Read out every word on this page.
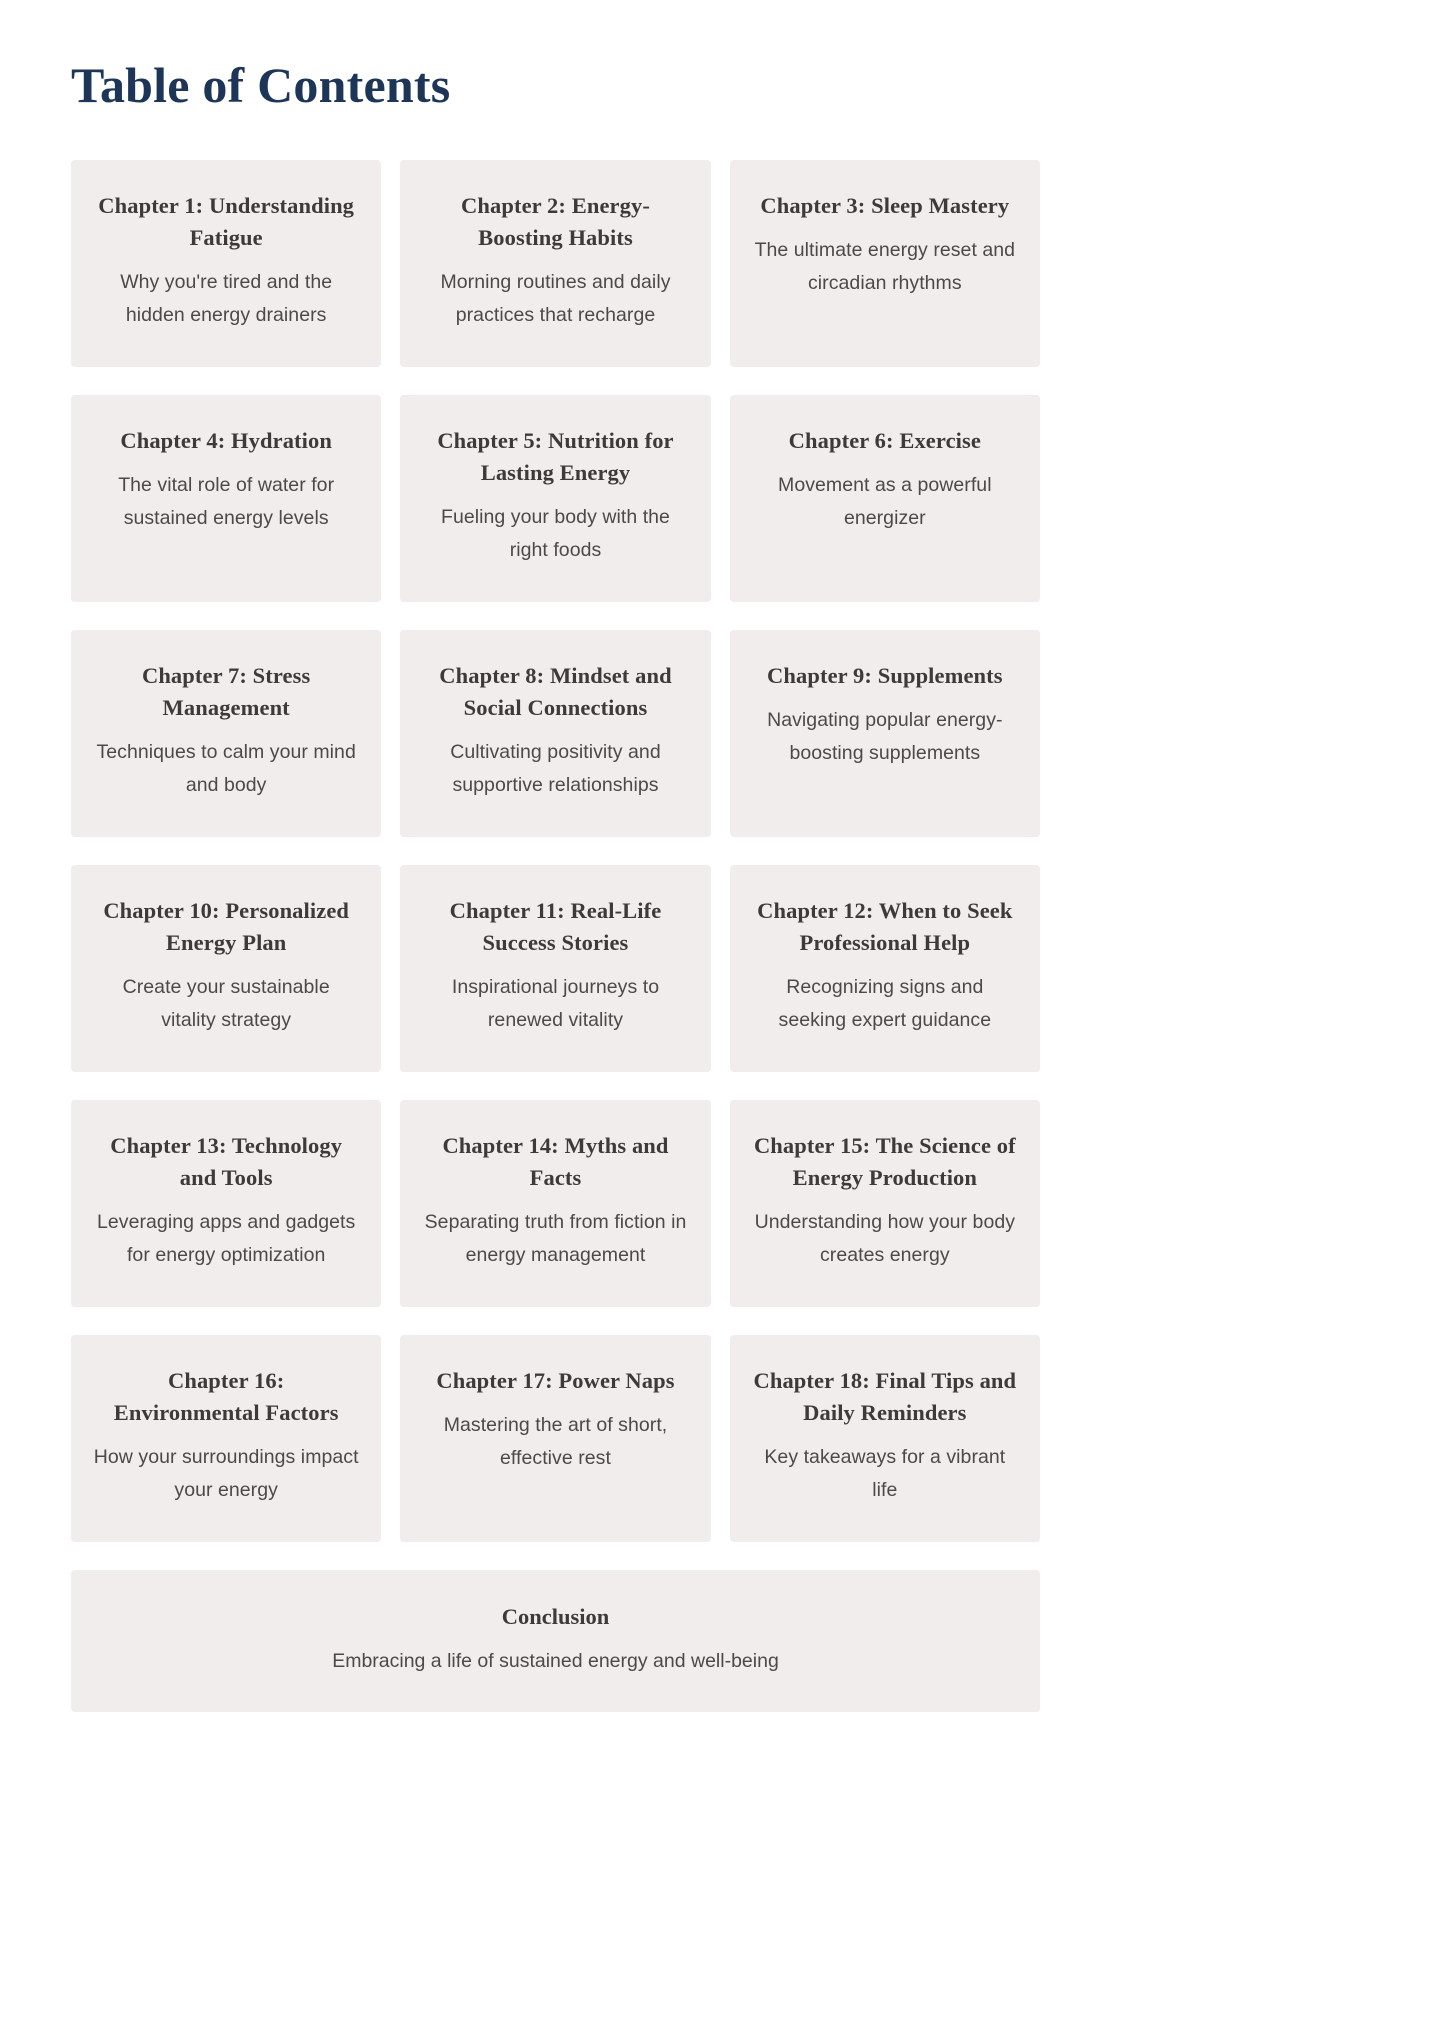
Table of Contents
Chapter 1: Understanding Fatigue
Why you're tired and the hidden energy drainers
Chapter 2: Energy-Boosting Habits
Morning routines and daily practices that recharge
Chapter 3: Sleep Mastery
The ultimate energy reset and circadian rhythms
Chapter 4: Hydration
The vital role of water for sustained energy levels
Chapter 5: Nutrition for Lasting Energy
Fueling your body with the right foods
Chapter 6: Exercise
Movement as a powerful energizer
Chapter 7: Stress Management
Techniques to calm your mind and body
Chapter 8: Mindset and Social Connections
Cultivating positivity and supportive relationships
Chapter 9: Supplements
Navigating popular energy-boosting supplements
Chapter 10: Personalized Energy Plan
Create your sustainable vitality strategy
Chapter 11: Real-Life Success Stories
Inspirational journeys to renewed vitality
Chapter 12: When to Seek Professional Help
Recognizing signs and seeking expert guidance
Chapter 13: Technology and Tools
Leveraging apps and gadgets for energy optimization
Chapter 14: Myths and Facts
Separating truth from fiction in energy management
Chapter 15: The Science of Energy Production
Understanding how your body creates energy
Chapter 16: Environmental Factors
How your surroundings impact your energy
Chapter 17: Power Naps
Mastering the art of short, effective rest
Chapter 18: Final Tips and Daily Reminders
Key takeaways for a vibrant life
Conclusion
Embracing a life of sustained energy and well-being
